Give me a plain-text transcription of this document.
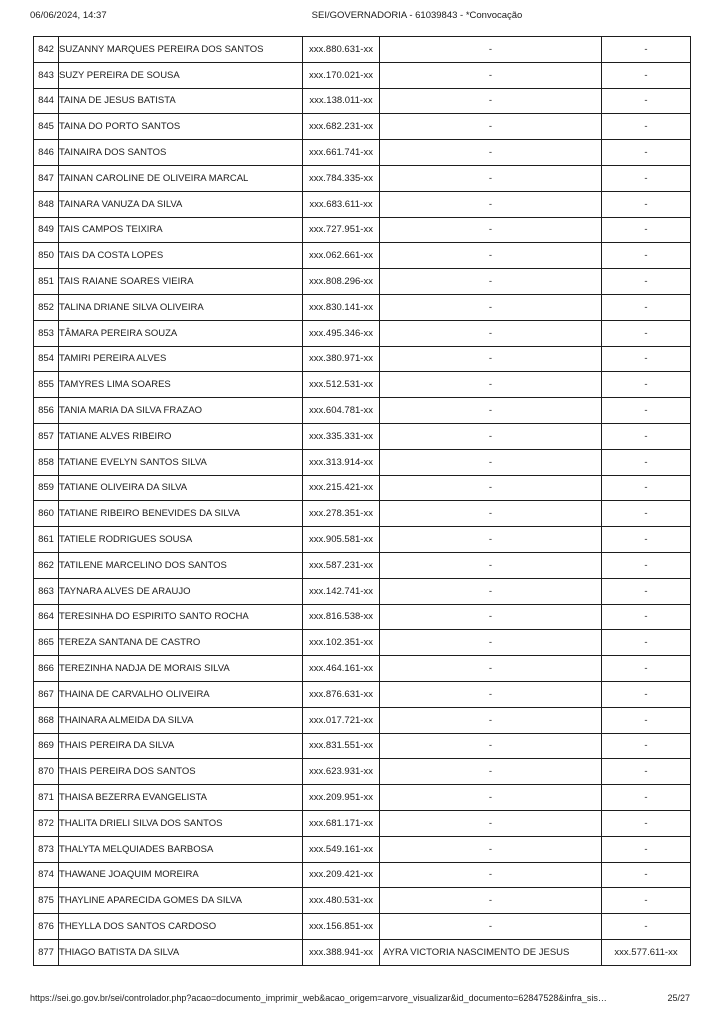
06/06/2024, 14:37	SEI/GOVERNADORIA - 61039843 - *Convocação
842	SUZANNY MARQUES PEREIRA DOS SANTOS	xxx.880.631-xx	-	-
843	SUZY PEREIRA DE SOUSA	xxx.170.021-xx	-	-
844	TAINA DE JESUS BATISTA	xxx.138.011-xx	-	-
845	TAINA DO PORTO SANTOS	xxx.682.231-xx	-	-
846	TAINAIRA DOS SANTOS	xxx.661.741-xx	-	-
847	TAINAN CAROLINE DE OLIVEIRA MARCAL	xxx.784.335-xx	-	-
848	TAINARA VANUZA DA SILVA	xxx.683.611-xx	-	-
849	TAIS CAMPOS TEIXIRA	xxx.727.951-xx	-	-
850	TAIS DA COSTA LOPES	xxx.062.661-xx	-	-
851	TAIS RAIANE SOARES VIEIRA	xxx.808.296-xx	-	-
852	TALINA DRIANE SILVA OLIVEIRA	xxx.830.141-xx	-	-
853	TÂMARA PEREIRA SOUZA	xxx.495.346-xx	-	-
854	TAMIRI PEREIRA ALVES	xxx.380.971-xx	-	-
855	TAMYRES LIMA SOARES	xxx.512.531-xx	-	-
856	TANIA MARIA DA SILVA FRAZAO	xxx.604.781-xx	-	-
857	TATIANE ALVES RIBEIRO	xxx.335.331-xx	-	-
858	TATIANE EVELYN SANTOS SILVA	xxx.313.914-xx	-	-
859	TATIANE OLIVEIRA DA SILVA	xxx.215.421-xx	-	-
860	TATIANE RIBEIRO BENEVIDES DA SILVA	xxx.278.351-xx	-	-
861	TATIELE RODRIGUES SOUSA	xxx.905.581-xx	-	-
862	TATILENE MARCELINO DOS SANTOS	xxx.587.231-xx	-	-
863	TAYNARA ALVES DE ARAUJO	xxx.142.741-xx	-	-
864	TERESINHA DO ESPIRITO SANTO ROCHA	xxx.816.538-xx	-	-
865	TEREZA SANTANA DE CASTRO	xxx.102.351-xx	-	-
866	TEREZINHA NADJA DE MORAIS SILVA	xxx.464.161-xx	-	-
867	THAINA DE CARVALHO OLIVEIRA	xxx.876.631-xx	-	-
868	THAINARA ALMEIDA DA SILVA	xxx.017.721-xx	-	-
869	THAIS PEREIRA DA SILVA	xxx.831.551-xx	-	-
870	THAIS PEREIRA DOS SANTOS	xxx.623.931-xx	-	-
871	THAISA BEZERRA EVANGELISTA	xxx.209.951-xx	-	-
872	THALITA DRIELI SILVA DOS SANTOS	xxx.681.171-xx	-	-
873	THALYTA MELQUIADES BARBOSA	xxx.549.161-xx	-	-
874	THAWANE JOAQUIM MOREIRA	xxx.209.421-xx	-	-
875	THAYLINE APARECIDA GOMES DA SILVA	xxx.480.531-xx	-	-
876	THEYLLA DOS SANTOS CARDOSO	xxx.156.851-xx	-	-
877	THIAGO BATISTA DA SILVA	xxx.388.941-xx	AYRA VICTORIA NASCIMENTO DE JESUS	xxx.577.611-xx
https://sei.go.gov.br/sei/controlador.php?acao=documento_imprimir_web&acao_origem=arvore_visualizar&id_documento=62847528&infra_sis…	25/27
